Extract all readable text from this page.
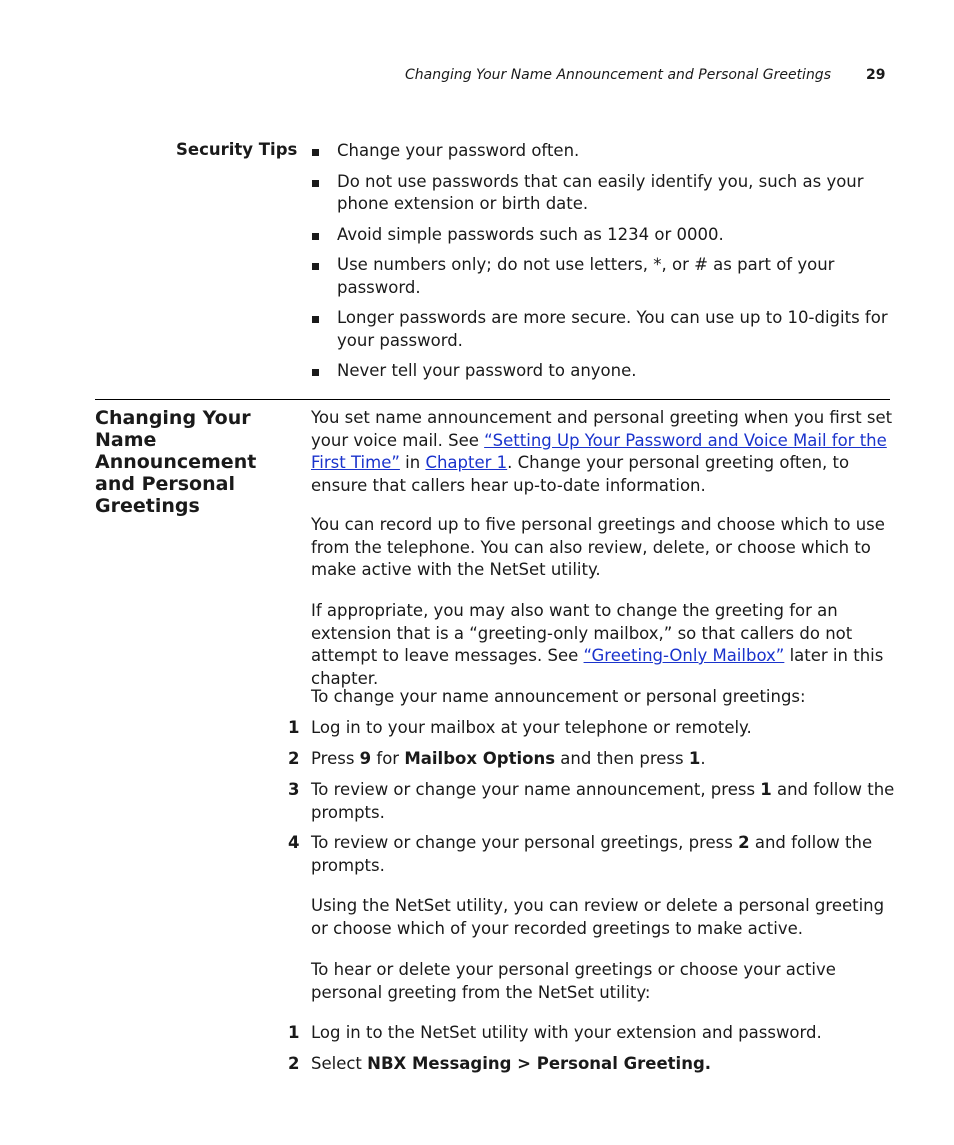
Changing Your Name Announcement and Personal Greetings	29
Security Tips	Change your password often.
Do not use passwords that can easily identify you, such as your phone extension or birth date.
Avoid simple passwords such as 1234 or 0000.
Use numbers only; do not use letters, *, or # as part of your password.
Longer passwords are more secure. You can use up to 10-digits for your password.
Never tell your password to anyone.
Changing Your Name Announcement and Personal Greetings
You set name announcement and personal greeting when you first set your voice mail. See “Setting Up Your Password and Voice Mail for the First Time” in Chapter 1. Change your personal greeting often, to ensure that callers hear up-to-date information.
You can record up to five personal greetings and choose which to use from the telephone. You can also review, delete, or choose which to make active with the NetSet utility.
If appropriate, you may also want to change the greeting for an extension that is a “greeting-only mailbox,” so that callers do not attempt to leave messages. See “Greeting-Only Mailbox” later in this chapter.
To change your name announcement or personal greetings:
1 Log in to your mailbox at your telephone or remotely.
2 Press 9 for Mailbox Options and then press 1.
3 To review or change your name announcement, press 1 and follow the prompts.
4 To review or change your personal greetings, press 2 and follow the prompts.
Using the NetSet utility, you can review or delete a personal greeting or choose which of your recorded greetings to make active.
To hear or delete your personal greetings or choose your active personal greeting from the NetSet utility:
1 Log in to the NetSet utility with your extension and password.
2 Select NBX Messaging > Personal Greeting.
